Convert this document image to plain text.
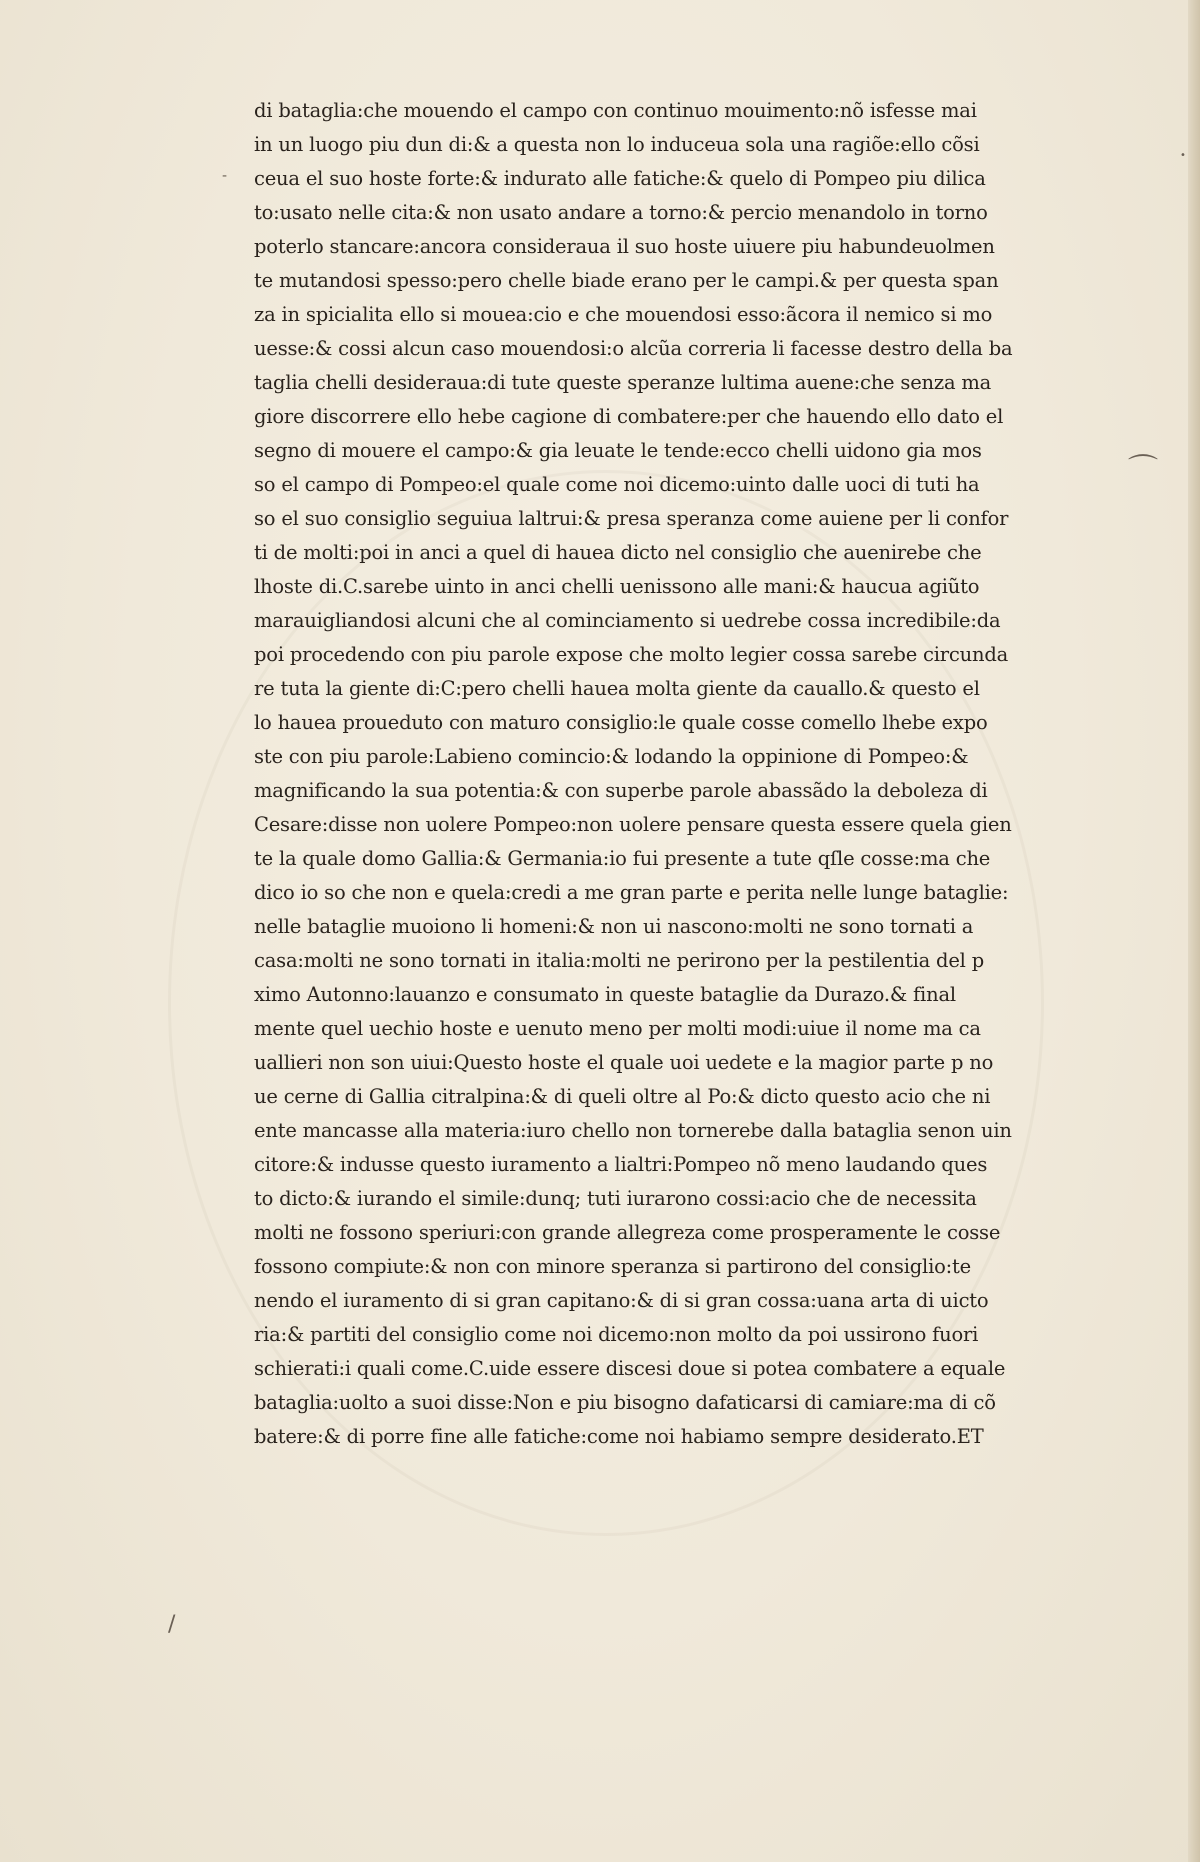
•
‐
⌒
/
di bataglia:che mouendo el campo con continuo mouimento:nõ isfesse mai
in un luogo piu dun di:& a questa non lo induceua sola una ragiõe:ello cõsi
ceua el suo hoste forte:& indurato alle fatiche:& quelo di Pompeo piu dilica
to:usato nelle cita:& non usato andare a torno:& percio menandolo in torno
poterlo stancare:ancora consideraua il suo hoste uiuere piu habundeuolmen
te mutandosi spesso:pero chelle biade erano per le campi.& per questa span
za in spicialita ello si mouea:cio e che mouendosi esso:ãcora il nemico si mo
uesse:& cossi alcun caso mouendosi:o alcũa correria li facesse destro della ba
taglia chelli desideraua:di tute queste speranze lultima auene:che senza ma
giore discorrere ello hebe cagione di combatere:per che hauendo ello dato el
segno di mouere el campo:& gia leuate le tende:ecco chelli uidono gia mos
so el campo di Pompeo:el quale come noi dicemo:uinto dalle uoci di tuti ha
so el suo consiglio seguiua laltrui:& presa speranza come auiene per li confor
ti de molti:poi in anci a quel di hauea dicto nel consiglio che auenirebe che
lhoste di.C.sarebe uinto in anci chelli uenissono alle mani:& haucua agiũto
marauigliandosi alcuni che al cominciamento si uedrebe cossa incredibile:da
poi procedendo con piu parole expose che molto legier cossa sarebe circunda
re tuta la giente di:C:pero chelli hauea molta giente da cauallo.& questo el
lo hauea proueduto con maturo consiglio:le quale cosse comello lhebe expo
ste con piu parole:Labieno comincio:& lodando la oppinione di Pompeo:&
magnificando la sua potentia:& con superbe parole abassãdo la deboleza di
Cesare:disse non uolere Pompeo:non uolere pensare questa essere quela gien
te la quale domo Gallia:& Germania:io fui presente a tute qſle cosse:ma che
dico io so che non e quela:credi a me gran parte e perita nelle lunge bataglie:
nelle bataglie muoiono li homeni:& non ui nascono:molti ne sono tornati a
casa:molti ne sono tornati in italia:molti ne perirono per la pestilentia del p
ximo Autonno:lauanzo e consumato in queste bataglie da Durazo.& final
mente quel uechio hoste e uenuto meno per molti modi:uiue il nome ma ca
uallieri non son uiui:Questo hoste el quale uoi uedete e la magior parte p no
ue cerne di Gallia citralpina:& di queli oltre al Po:& dicto questo acio che ni
ente mancasse alla materia:iuro chello non tornerebe dalla bataglia senon uin
citore:& indusse questo iuramento a lialtri:Pompeo nõ meno laudando ques
to dicto:& iurando el simile:dunq; tuti iurarono cossi:acio che de necessita
molti ne fossono speriuri:con grande allegreza come prosperamente le cosse
fossono compiute:& non con minore speranza si partirono del consiglio:te
nendo el iuramento di si gran capitano:& di si gran cossa:uana arta di uicto
ria:& partiti del consiglio come noi dicemo:non molto da poi ussirono fuori
schierati:i quali come.C.uide essere discesi doue si potea combatere a equale
bataglia:uolto a suoi disse:Non e piu bisogno dafaticarsi di camiare:ma di cõ
batere:& di porre fine alle fatiche:come noi habiamo sempre desiderato.ET
